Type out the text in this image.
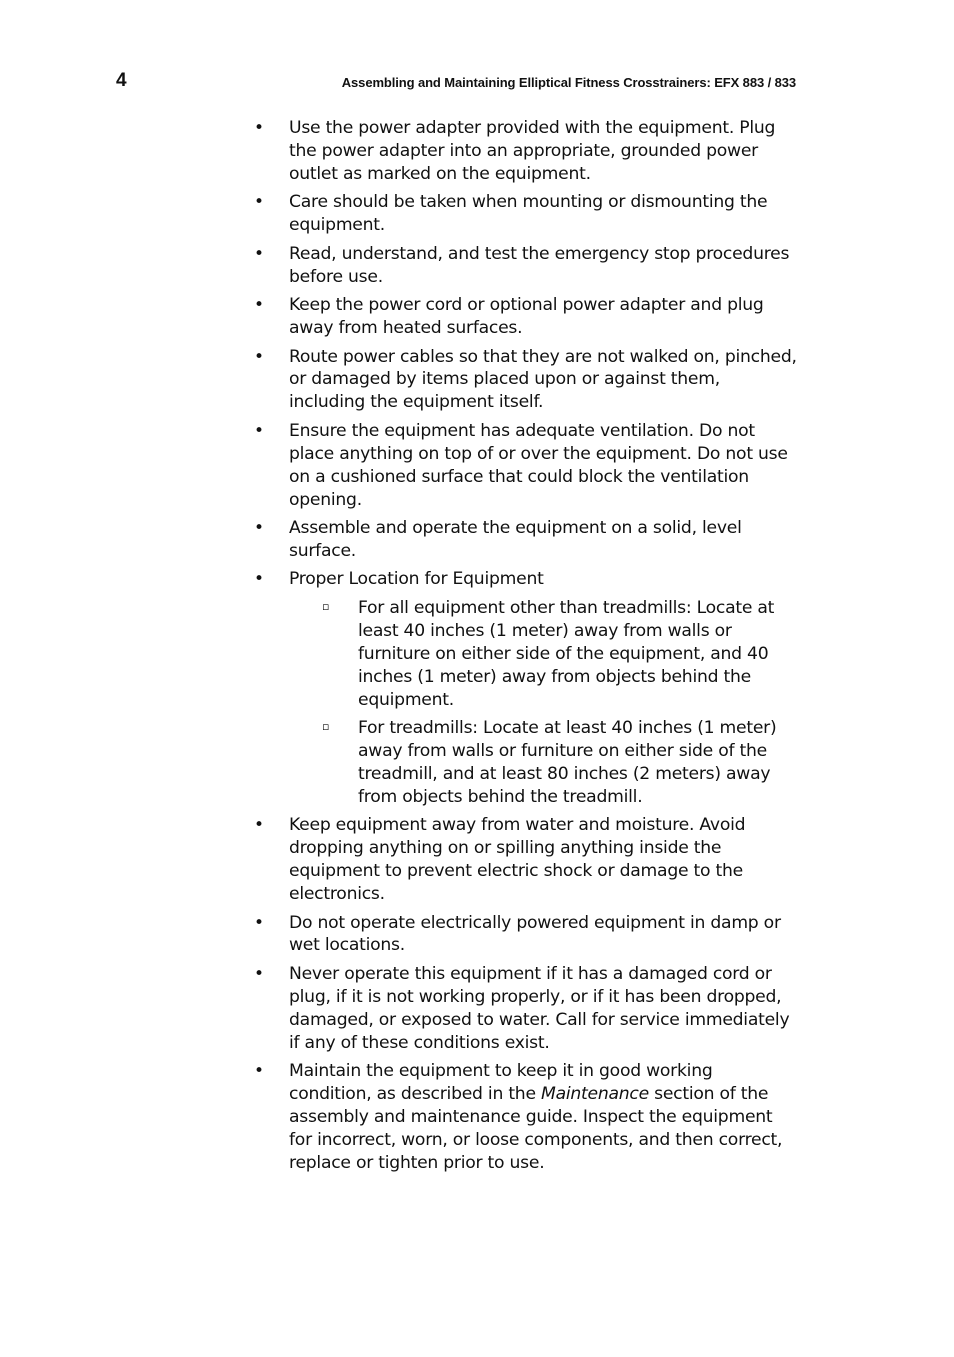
4	Assembling and Maintaining Elliptical Fitness Crosstrainers: EFX 883 / 833
• Use the power adapter provided with the equipment. Plug the power adapter into an appropriate, grounded power outlet as marked on the equipment.
• Care should be taken when mounting or dismounting the equipment.
• Read, understand, and test the emergency stop procedures before use.
• Keep the power cord or optional power adapter and plug away from heated surfaces.
• Route power cables so that they are not walked on, pinched, or damaged by items placed upon or against them, including the equipment itself.
• Ensure the equipment has adequate ventilation. Do not place anything on top of or over the equipment. Do not use on a cushioned surface that could block the ventilation opening.
• Assemble and operate the equipment on a solid, level surface.
• Proper Location for Equipment
▫ For all equipment other than treadmills: Locate at least 40 inches (1 meter) away from walls or furniture on either side of the equipment, and 40 inches (1 meter) away from objects behind the equipment.
▫ For treadmills: Locate at least 40 inches (1 meter) away from walls or furniture on either side of the treadmill, and at least 80 inches (2 meters) away from objects behind the treadmill.
• Keep equipment away from water and moisture. Avoid dropping anything on or spilling anything inside the equipment to prevent electric shock or damage to the electronics.
• Do not operate electrically powered equipment in damp or wet locations.
• Never operate this equipment if it has a damaged cord or plug, if it is not working properly, or if it has been dropped, damaged, or exposed to water. Call for service immediately if any of these conditions exist.
• Maintain the equipment to keep it in good working condition, as described in the Maintenance section of the assembly and maintenance guide. Inspect the equipment for incorrect, worn, or loose components, and then correct, replace or tighten prior to use.
